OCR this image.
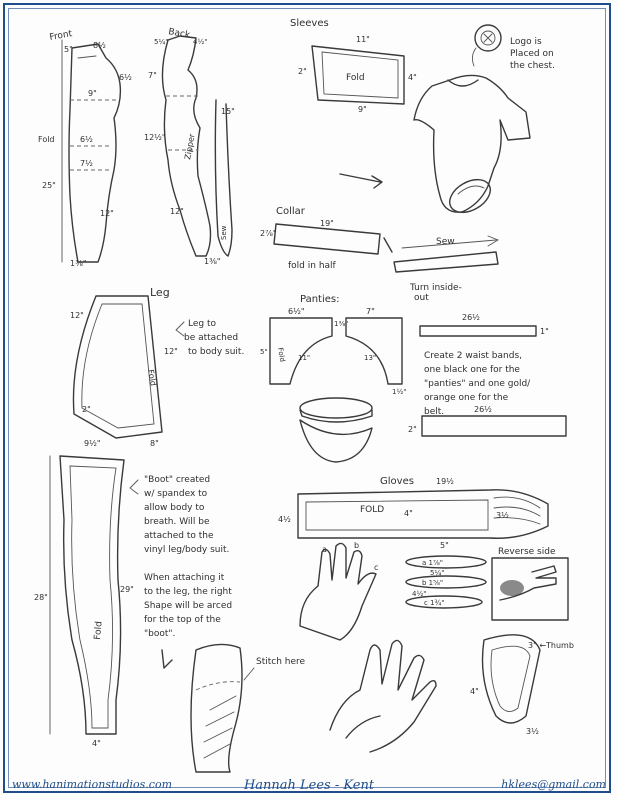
Front
5"	8½
6½
9"
6½
7½
25"
12"
1⅜"
Fold
Back
5¼"	4½"
7"
12½"
12"
15"
1⅜"
Zipper
Sew
Sleeves
11"
2"
4"
9"
Fold
Logo is
Placed on
the chest.
Collar
19"
2⅞"
fold in half
Sew
Turn inside-
out
Leg
12"
12"
2"
9½"	8"
Fold
Leg to
be attached
to body suit.
Panties:
6½"	7"
1⅜"
5"
11"	13"
1½"
Fold
26½
1"
26½
2"
Create 2 waist bands,
one black one for the
"panties" and one gold/
orange one for the
belt.
28"
29"
4"
Fold
"Boot" created
w/ spandex to
allow body to
breath. Will be
attached to the
vinyl leg/body suit.
When attaching it
to the leg, the right
Shape will be arced
for the top of the
"boot".
Stitch here
Gloves	19½
4½
FOLD 4"	3½
a	b
c
5"
a 1⅞"
5¼"
b 1⅝"
4½"
c 1¾"
Reverse side
3" ←Thumb
4"
3½
www.hanimationstudios.com	Hannah Lees - Kent	hklees@gmail.com
